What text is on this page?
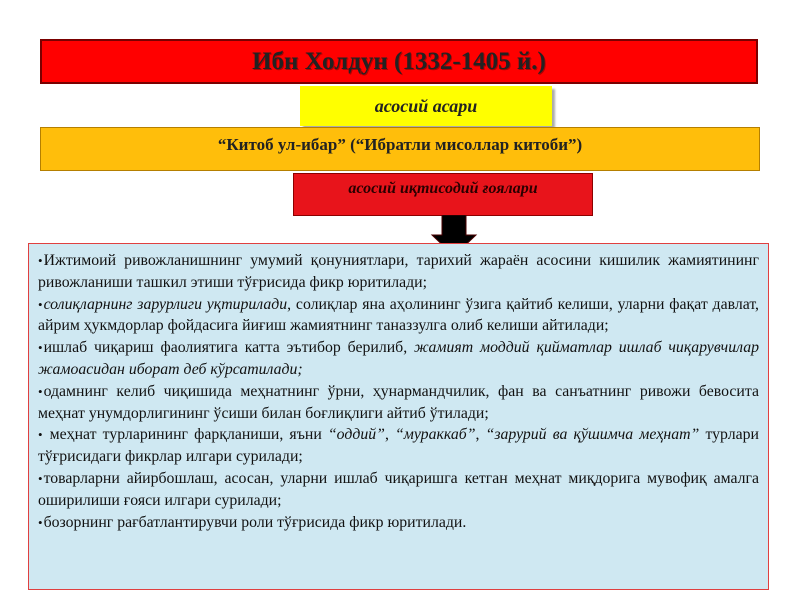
Ибн Холдун (1332-1405 й.)
асосий асари
“Китоб ул-ибар” (“Ибратли мисоллар китоби”)
асосий иқтисодий ғоялари

•Ижтимоий ривожланишнинг умумий қонуниятлари, тарихий жараён асосини кишилик жамиятининг ривожланиши ташкил этиши тўғрисида фикр юритилади;

•солиқларнинг зарурлиги уқтирилади, солиқлар яна аҳолининг ўзига қайтиб келиши, уларни фақат давлат, айрим ҳукмдорлар фойдасига йиғиш жамиятнинг таназзулга олиб келиши айтилади;

•ишлаб чиқариш фаолиятига катта эътибор берилиб, жамият моддий қийматлар ишлаб чиқарувчилар жамоасидан иборат деб кўрсатилади;

•одамнинг келиб чиқишида меҳнатнинг ўрни, ҳунармандчилик, фан ва санъатнинг ривожи бевосита меҳнат унумдорлигининг ўсиши билан боғлиқлиги айтиб ўтилади;

• меҳнат турларининг фарқланиши, яъни “оддий”, “мураккаб”, “зарурий ва қўшимча меҳнат” турлари тўғрисидаги фикрлар илгари сурилади;

•товарларни айирбошлаш, асосан, уларни ишлаб чиқаришга кетган меҳнат миқдорига мувофиқ амалга оширилиши ғояси илгари сурилади;

•бозорнинг рағбатлантирувчи роли тўғрисида фикр юритилади.
